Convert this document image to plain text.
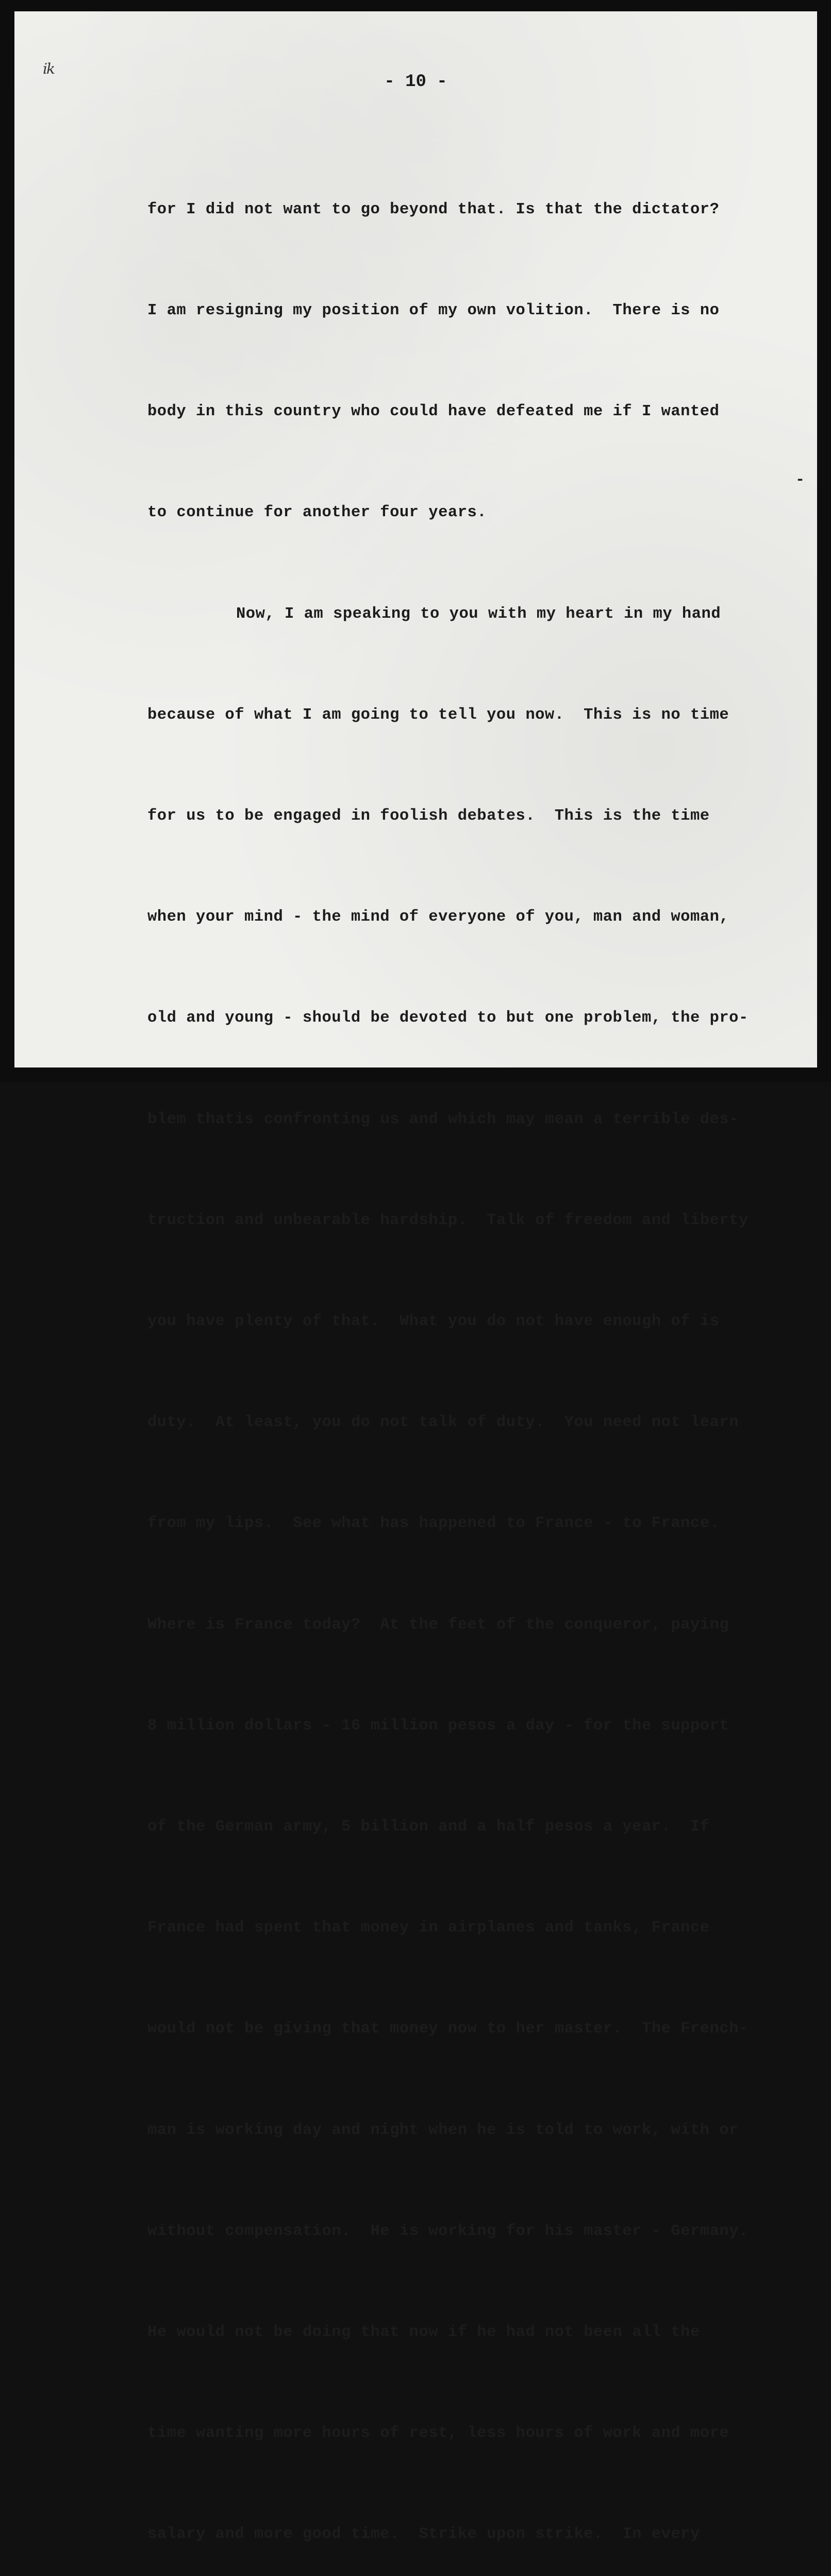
ik
- 10 -

for I did not want to go beyond that. Is that the dictator?

I am resigning my position of my own volition.  There is no

body in this country who could have defeated me if I wanted

to continue for another four years.

Now, I am speaking to you with my heart in my hand

because of what I am going to tell you now.  This is no time

for us to be engaged in foolish debates.  This is the time

when your mind - the mind of everyone of you, man and woman,

old and young - should be devoted to but one problem, the pro-

blem thatis confronting us and which may mean a terrible des-

truction and unbearable hardship.  Talk of freedom and liberty

you have plenty of that.  What you do not have enough of is

duty.  At least, you do not talk of duty.  You need not learn

from my lips.  See what has happened to France - to France.

Where is France today?  At the feet of the conqueror, paying

8 million dollars - 16 million pesos a day - for the support

of the German army, 5 billion and a half pesos a year.  If

France had spent that money in airplanes and tanks, France

would not be giving that money now to her master.  The French-

man is working day and night when he is told to work, with or

without compensation.  He is working for his master - Germany.

He would not be doing that now if he had not been all the

time wanting more hours of rest, less hours of work and more

salary and more good time.  Strike upon strike.  In every

-
